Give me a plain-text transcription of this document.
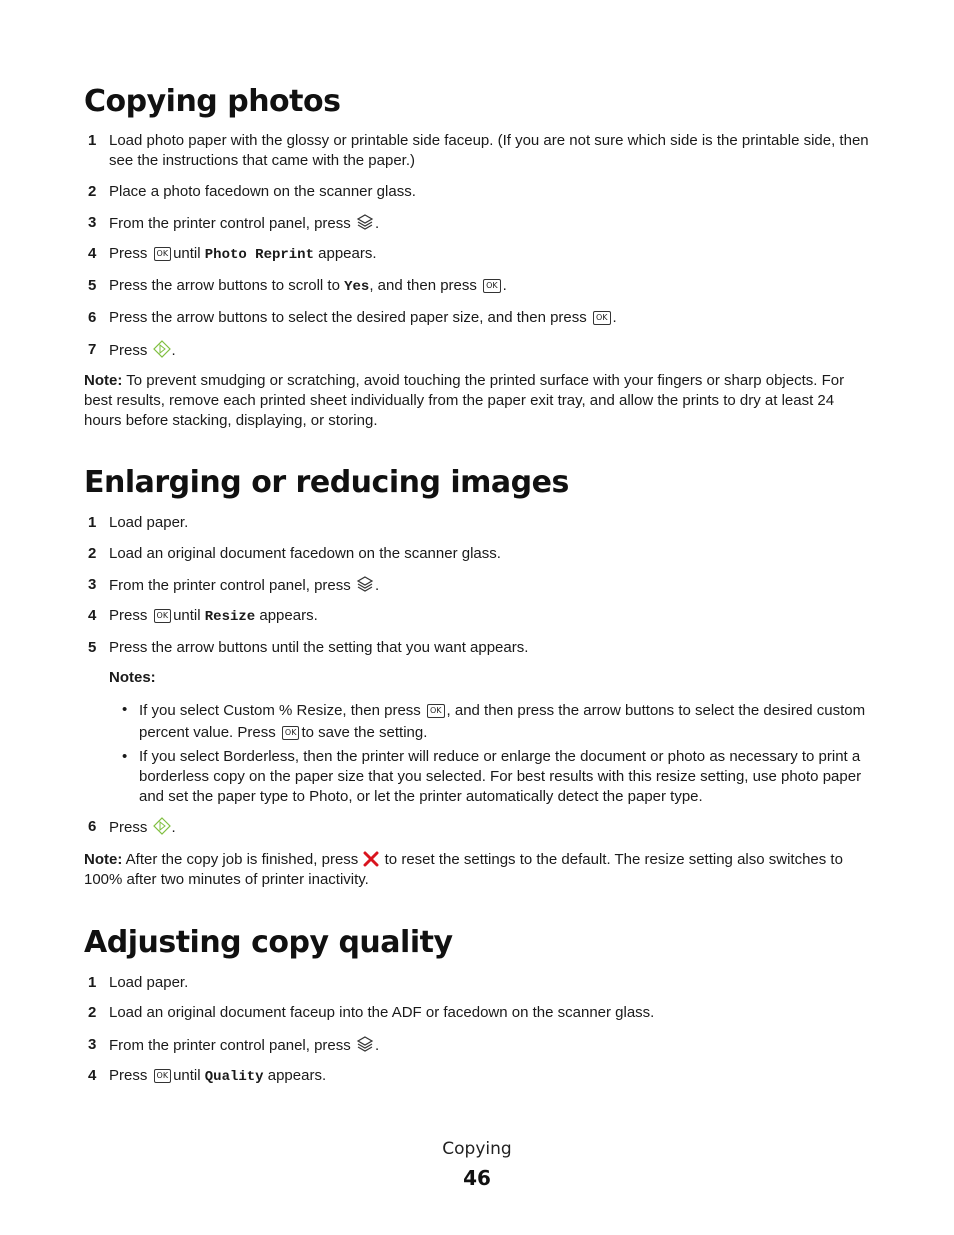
Copying photos
1 Load photo paper with the glossy or printable side faceup. (If you are not sure which side is the printable side, then see the instructions that came with the paper.)
2 Place a photo facedown on the scanner glass.
3 From the printer control panel, press .
4 Press OK until Photo Reprint appears.
5 Press the arrow buttons to scroll to Yes, and then press OK .
6 Press the arrow buttons to select the desired paper size, and then press OK .
7 Press .
Note: To prevent smudging or scratching, avoid touching the printed surface with your fingers or sharp objects. For best results, remove each printed sheet individually from the paper exit tray, and allow the prints to dry at least 24 hours before stacking, displaying, or storing.
Enlarging or reducing images
1 Load paper.
2 Load an original document facedown on the scanner glass.
3 From the printer control panel, press .
4 Press OK until Resize appears.
5 Press the arrow buttons until the setting that you want appears.
Notes:
• If you select Custom % Resize, then press OK , and then press the arrow buttons to select the desired custom percent value. Press OK to save the setting.
• If you select Borderless, then the printer will reduce or enlarge the document or photo as necessary to print a borderless copy on the paper size that you selected. For best results with this resize setting, use photo paper and set the paper type to Photo, or let the printer automatically detect the paper type.
6 Press .
Note: After the copy job is finished, press to reset the settings to the default. The resize setting also switches to 100% after two minutes of printer inactivity.
Adjusting copy quality
1 Load paper.
2 Load an original document faceup into the ADF or facedown on the scanner glass.
3 From the printer control panel, press .
4 Press OK until Quality appears.
Copying
46
